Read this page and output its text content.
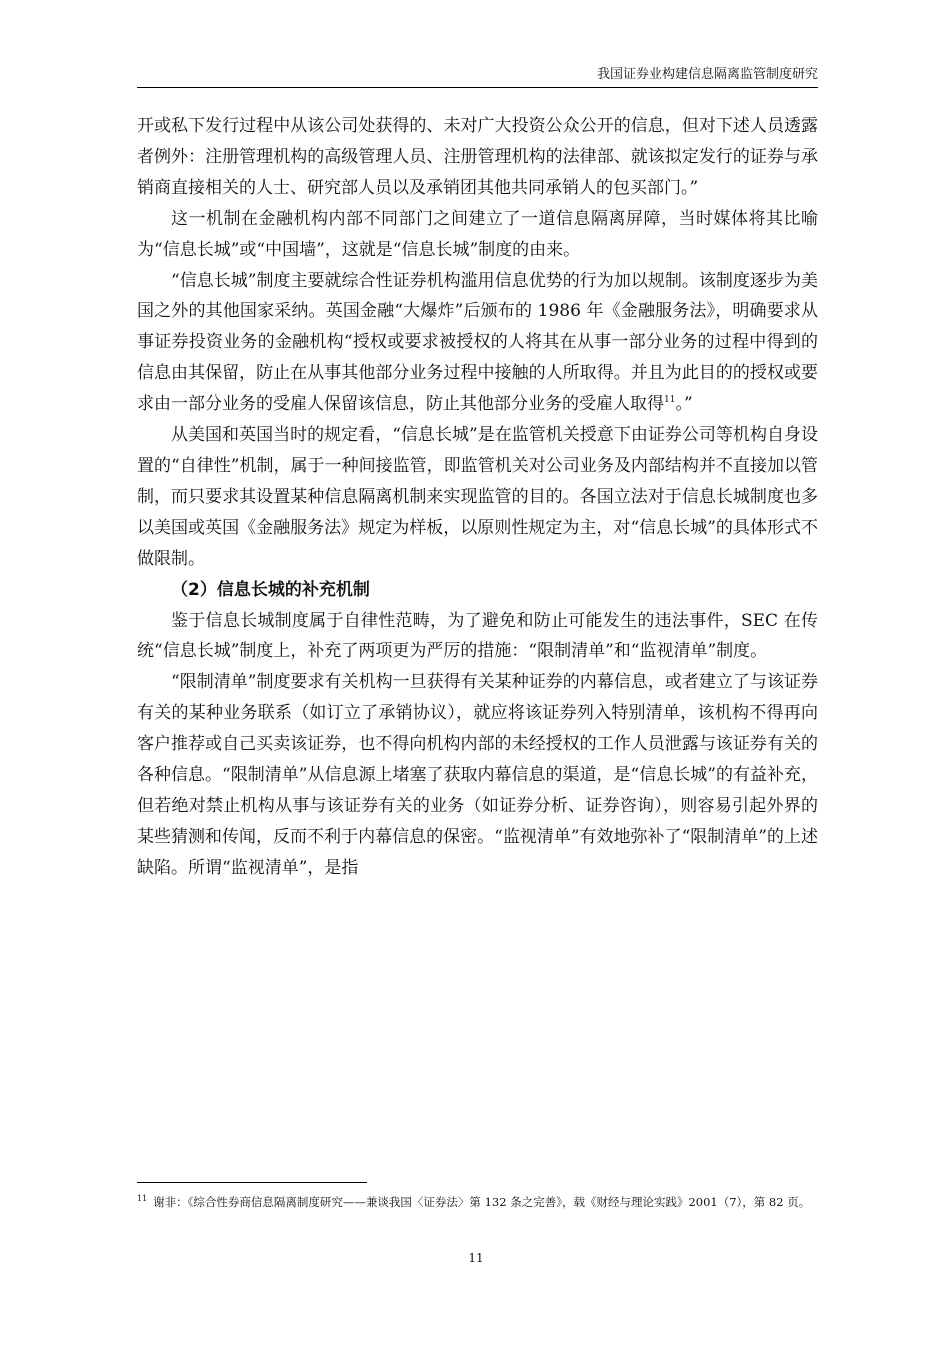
我国证券业构建信息隔离监管制度研究

开或私下发行过程中从该公司处获得的、未对广大投资公众公开的信息，但对下述人员透露者例外：注册管理机构的高级管理人员、注册管理机构的法律部、就该拟定发行的证券与承销商直接相关的人士、研究部人员以及承销团其他共同承销人的包买部门。”

这一机制在金融机构内部不同部门之间建立了一道信息隔离屏障，当时媒体将其比喻为“信息长城”或“中国墙”，这就是“信息长城”制度的由来。

“信息长城”制度主要就综合性证券机构滥用信息优势的行为加以规制。该制度逐步为美国之外的其他国家采纳。英国金融“大爆炸”后颁布的 1986 年《金融服务法》，明确要求从事证券投资业务的金融机构“授权或要求被授权的人将其在从事一部分业务的过程中得到的信息由其保留，防止在从事其他部分业务过程中接触的人所取得。并且为此目的的授权或要求由一部分业务的受雇人保留该信息，防止其他部分业务的受雇人取得$^{11}$。”

从美国和英国当时的规定看，“信息长城”是在监管机关授意下由证券公司等机构自身设置的“自律性”机制，属于一种间接监管，即监管机关对公司业务及内部结构并不直接加以管制，而只要求其设置某种信息隔离机制来实现监管的目的。各国立法对于信息长城制度也多以美国或英国《金融服务法》规定为样板，以原则性规定为主，对“信息长城”的具体形式不做限制。

（2）信息长城的补充机制

鉴于信息长城制度属于自律性范畴，为了避免和防止可能发生的违法事件，SEC 在传统“信息长城”制度上，补充了两项更为严厉的措施：“限制清单”和“监视清单”制度。

“限制清单”制度要求有关机构一旦获得有关某种证券的内幕信息，或者建立了与该证券有关的某种业务联系（如订立了承销协议），就应将该证券列入特别清单，该机构不得再向客户推荐或自己买卖该证券，也不得向机构内部的未经授权的工作人员泄露与该证券有关的各种信息。“限制清单”从信息源上堵塞了获取内幕信息的渠道，是“信息长城”的有益补充，但若绝对禁止机构从事与该证券有关的业务（如证券分析、证券咨询），则容易引起外界的某些猜测和传闻，反而不利于内幕信息的保密。“监视清单”有效地弥补了“限制清单”的上述缺陷。所谓“监视清单”，是指

$^{11}$ 谢非：《综合性券商信息隔离制度研究——兼谈我国〈证券法〉第 132 条之完善》，载《财经与理论实践》2001（7），第 82 页。
11
